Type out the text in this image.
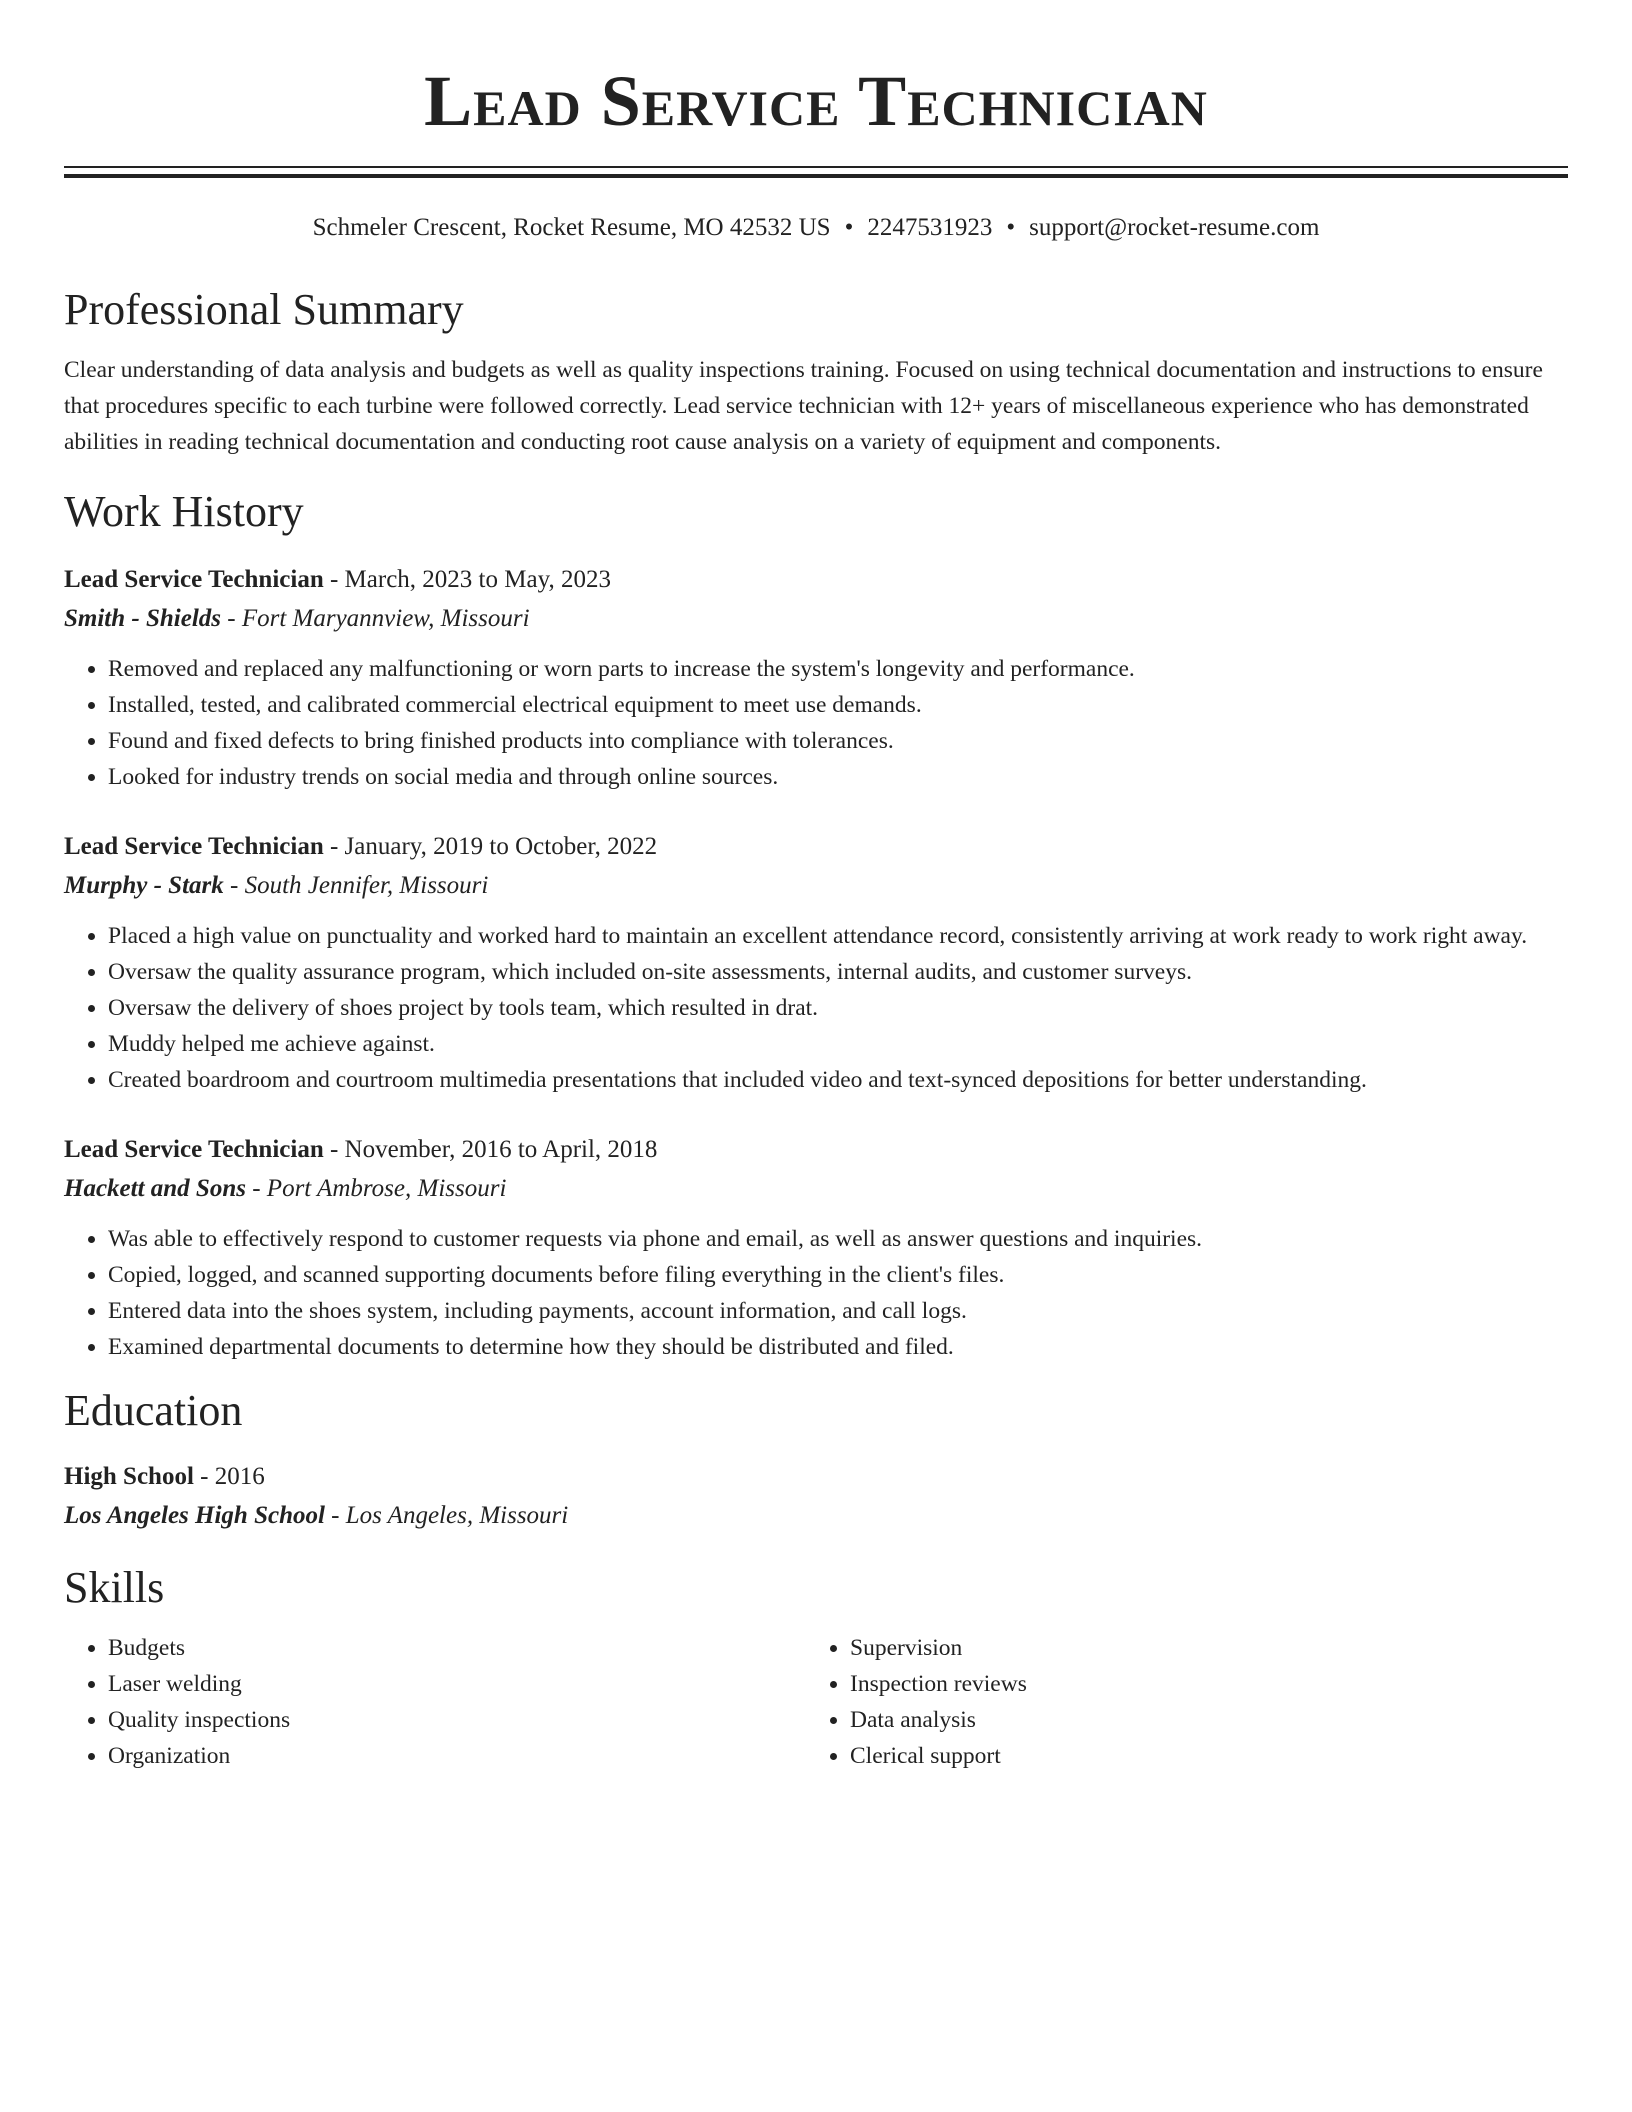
Lead Service Technician
Schmeler Crescent, Rocket Resume, MO 42532 US • 2247531923 • support@rocket-resume.com
Professional Summary

Clear understanding of data analysis and budgets as well as quality inspections training. Focused on using technical documentation and instructions to ensure that procedures specific to each turbine were followed correctly. Lead service technician with 12+ years of miscellaneous experience who has demonstrated abilities in reading technical documentation and conducting root cause analysis on a variety of equipment and components.

Work History
Lead Service Technician - March, 2023 to May, 2023
Smith - Shields - Fort Maryannview, Missouri
• Removed and replaced any malfunctioning or worn parts to increase the system's longevity and performance.
• Installed, tested, and calibrated commercial electrical equipment to meet use demands.
• Found and fixed defects to bring finished products into compliance with tolerances.
• Looked for industry trends on social media and through online sources.
Lead Service Technician - January, 2019 to October, 2022
Murphy - Stark - South Jennifer, Missouri
• Placed a high value on punctuality and worked hard to maintain an excellent attendance record, consistently arriving at work ready to work right away.
• Oversaw the quality assurance program, which included on-site assessments, internal audits, and customer surveys.
• Oversaw the delivery of shoes project by tools team, which resulted in drat.
• Muddy helped me achieve against.
• Created boardroom and courtroom multimedia presentations that included video and text-synced depositions for better understanding.
Lead Service Technician - November, 2016 to April, 2018
Hackett and Sons - Port Ambrose, Missouri
• Was able to effectively respond to customer requests via phone and email, as well as answer questions and inquiries.
• Copied, logged, and scanned supporting documents before filing everything in the client's files.
• Entered data into the shoes system, including payments, account information, and call logs.
• Examined departmental documents to determine how they should be distributed and filed.
Education
High School - 2016
Los Angeles High School - Los Angeles, Missouri
Skills
• Budgets
• Laser welding
• Quality inspections
• Organization
• Supervision
• Inspection reviews
• Data analysis
• Clerical support
